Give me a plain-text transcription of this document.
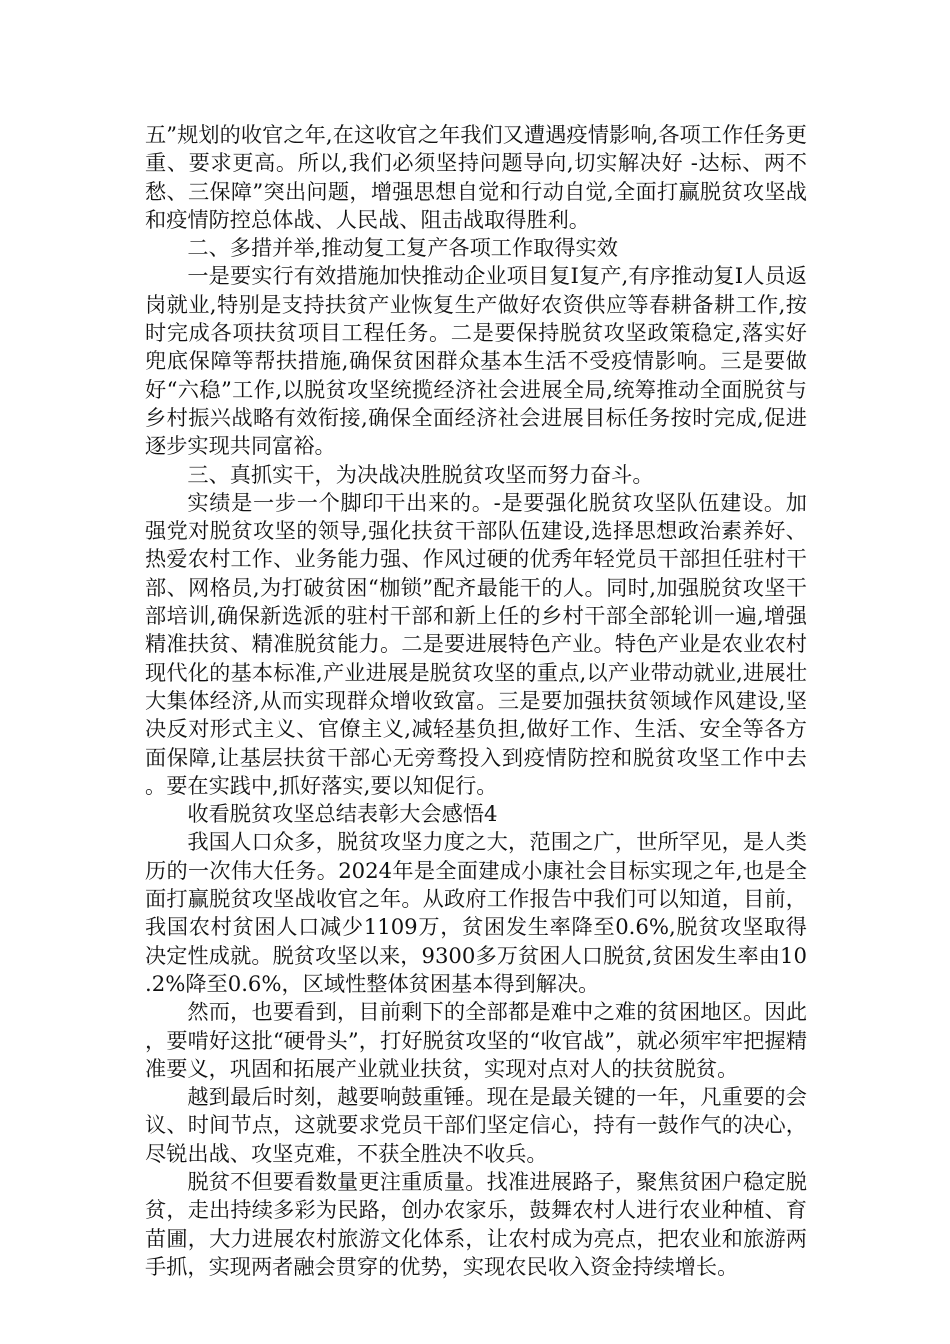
五”规划的收官之年,在这收官之年我们又遭遇疫情影响,各项工作任务更重、要求更高。所以,我们必须坚持问题导向,切实解决好 -达标、两不愁、三保障”突出问题，增强思想自觉和行动自觉,全面打赢脱贫攻坚战和疫情防控总体战、人民战、阻击战取得胜利。

二、多措并举,推动复工复产各项工作取得实效

一是要实行有效措施加快推动企业项目复I复产,有序推动复I人员返岗就业,特别是支持扶贫产业恢复生产做好农资供应等春耕备耕工作,按时完成各项扶贫项目工程任务。二是要保持脱贫攻坚政策稳定,落实好兜底保障等帮扶措施,确保贫困群众基本生活不受疫情影响。三是要做好“六稳”工作,以脱贫攻坚统揽经济社会进展全局,统筹推动全面脱贫与乡村振兴战略有效衔接,确保全面经济社会进展目标任务按时完成,促进逐步实现共同富裕。

三、真抓实干，为决战决胜脱贫攻坚而努力奋斗。

实绩是一步一个脚印干出来的。-是要强化脱贫攻坚队伍建设。加强党对脱贫攻坚的领导,强化扶贫干部队伍建设,选择思想政治素养好、热爱农村工作、业务能力强、作风过硬的优秀年轻党员干部担任驻村干部、网格员,为打破贫困“枷锁”配齐最能干的人。同时,加强脱贫攻坚干部培训,确保新选派的驻村干部和新上任的乡村干部全部轮训一遍,增强精准扶贫、精准脱贫能力。二是要进展特色产业。特色产业是农业农村现代化的基本标准,产业进展是脱贫攻坚的重点,以产业带动就业,进展壮大集体经济,从而实现群众增收致富。三是要加强扶贫领域作风建设,坚决反对形式主义、官僚主义,减轻基负担,做好工作、生活、安全等各方面保障,让基层扶贫干部心无旁骛投入到疫情防控和脱贫攻坚工作中去。要在实践中,抓好落实,要以知促行。

收看脱贫攻坚总结表彰大会感悟4

我国人口众多，脱贫攻坚力度之大，范围之广，世所罕见，是人类历的一次伟大任务。2024年是全面建成小康社会目标实现之年,也是全面打赢脱贫攻坚战收官之年。从政府工作报告中我们可以知道，目前，我国农村贫困人口减少1109万，贫困发生率降至0.6%,脱贫攻坚取得决定性成就。脱贫攻坚以来，9300多万贫困人口脱贫,贫困发生率由10.2%降至0.6%，区域性整体贫困基本得到解决。

然而，也要看到，目前剩下的全部都是难中之难的贫困地区。因此，要啃好这批“硬骨头”，打好脱贫攻坚的“收官战”，就必须牢牢把握精准要义，巩固和拓展产业就业扶贫，实现对点对人的扶贫脱贫。

越到最后时刻，越要响鼓重锤。现在是最关键的一年，凡重要的会议、时间节点，这就要求党员干部们坚定信心，持有一鼓作气的决心，尽锐出战、攻坚克难，不获全胜决不收兵。

脱贫不但要看数量更注重质量。找准进展路子，聚焦贫困户稳定脱贫，走出持续多彩为民路，创办农家乐，鼓舞农村人进行农业种植、育苗圃，大力进展农村旅游文化体系，让农村成为亮点，把农业和旅游两手抓，实现两者融会贯穿的优势，实现农民收入资金持续增长。
